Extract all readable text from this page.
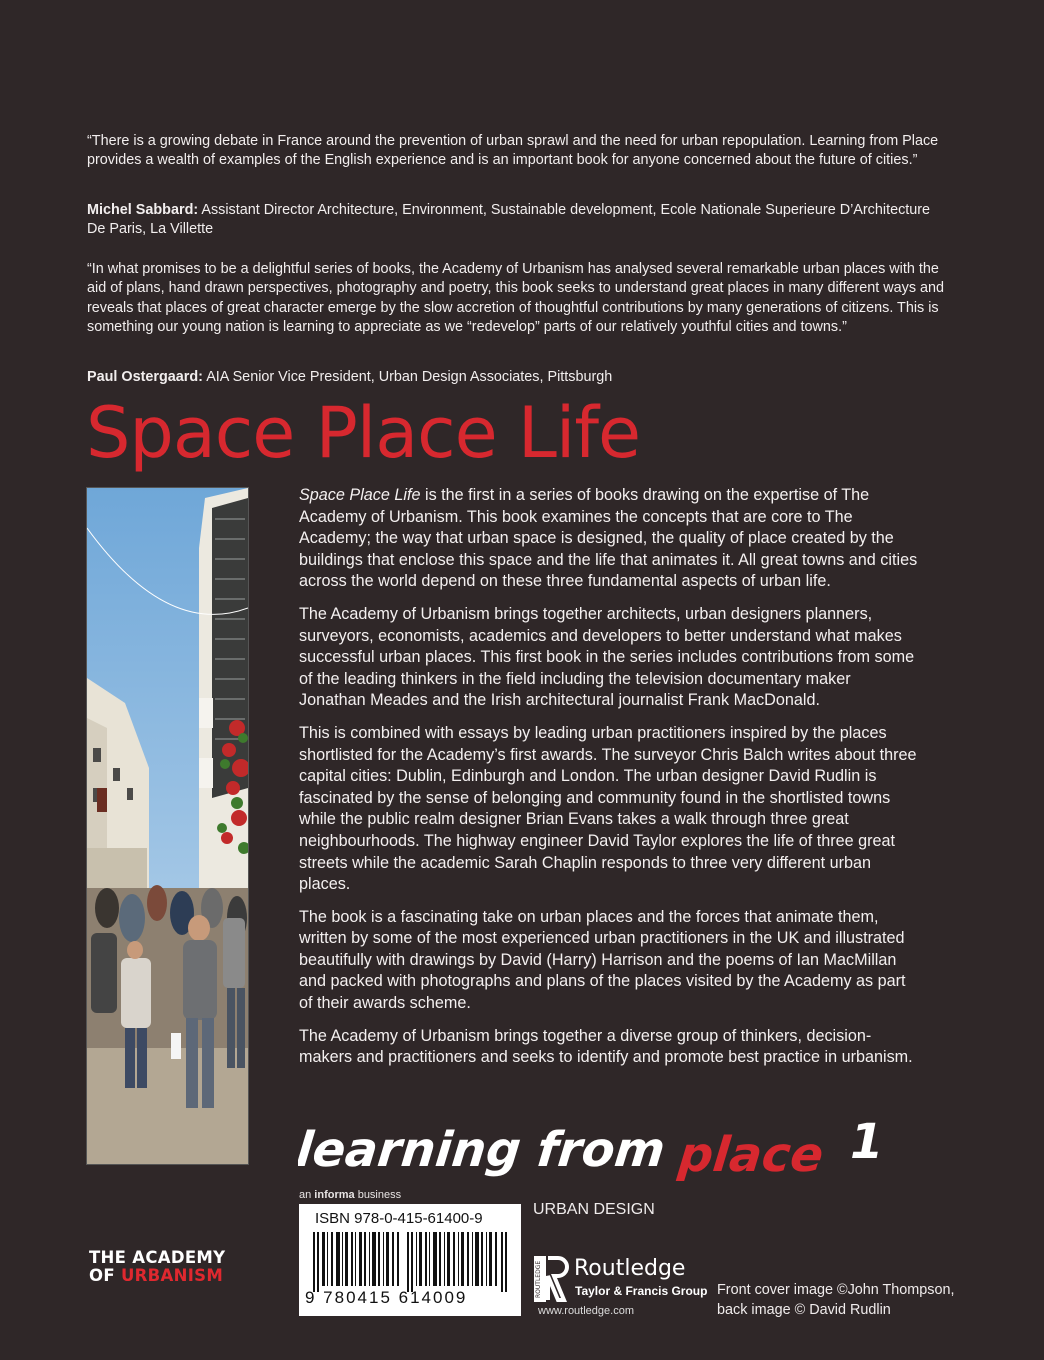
“There is a growing debate in France around the prevention of urban sprawl and the need for urban repopulation. Learning from Place provides a wealth of examples of the English experience and is an important book for anyone concerned about the future of cities.”
Michel Sabbard: Assistant Director Architecture, Environment, Sustainable development, Ecole Nationale Superieure D’Architecture De Paris, La Villette
“In what promises to be a delightful series of books, the Academy of Urbanism has analysed several remarkable urban places with the aid of plans, hand drawn perspectives, photography and poetry, this book seeks to understand great places in many different ways and reveals that places of great character emerge by the slow accretion of thoughtful contributions by many generations of citizens. This is something our young nation is learning to appreciate as we “redevelop” parts of our relatively youthful cities and towns.”
Paul Ostergaard: AIA Senior Vice President, Urban Design Associates, Pittsburgh
Space Place Life

Space Place Life is the first in a series of books drawing on the expertise of The Academy of Urbanism. This book examines the concepts that are core to The Academy; the way that urban space is designed, the quality of place created by the buildings that enclose this space and the life that animates it. All great towns and cities across the world depend on these three fundamental aspects of urban life.

The Academy of Urbanism brings together architects, urban designers planners, surveyors, economists, academics and developers to better understand what makes successful urban places. This first book in the series includes contributions from some of the leading thinkers in the field including the television documentary maker Jonathan Meades and the Irish architectural journalist Frank MacDonald.

This is combined with essays by leading urban practitioners inspired by the places shortlisted for the Academy’s first awards. The surveyor Chris Balch writes about three capital cities: Dublin, Edinburgh and London. The urban designer David Rudlin is fascinated by the sense of belonging and community found in the shortlisted towns while the public realm designer Brian Evans takes a walk through three great neighbourhoods. The highway engineer David Taylor explores the life of three great streets while the academic Sarah Chaplin responds to three very different urban places.

The book is a fascinating take on urban places and the forces that animate them, written by some of the most experienced urban practitioners in the UK and illustrated beautifully with drawings by David (Harry) Harrison and the poems of Ian MacMillan and packed with photographs and plans of the places visited by the Academy as part of their awards scheme.

The Academy of Urbanism brings together a diverse group of thinkers, decision-makers and practitioners and seeks to identify and promote best practice in urbanism.

learning from place 1
an informa business
ISBN 978-0-415-61400-9
9 780415 614009
URBAN DESIGN
ROUTLEDGE Routledge
Taylor & Francis Group
www.routledge.com
Front cover image ©John Thompson,
back image © David Rudlin
THE ACADEMY
OF URBANISM
